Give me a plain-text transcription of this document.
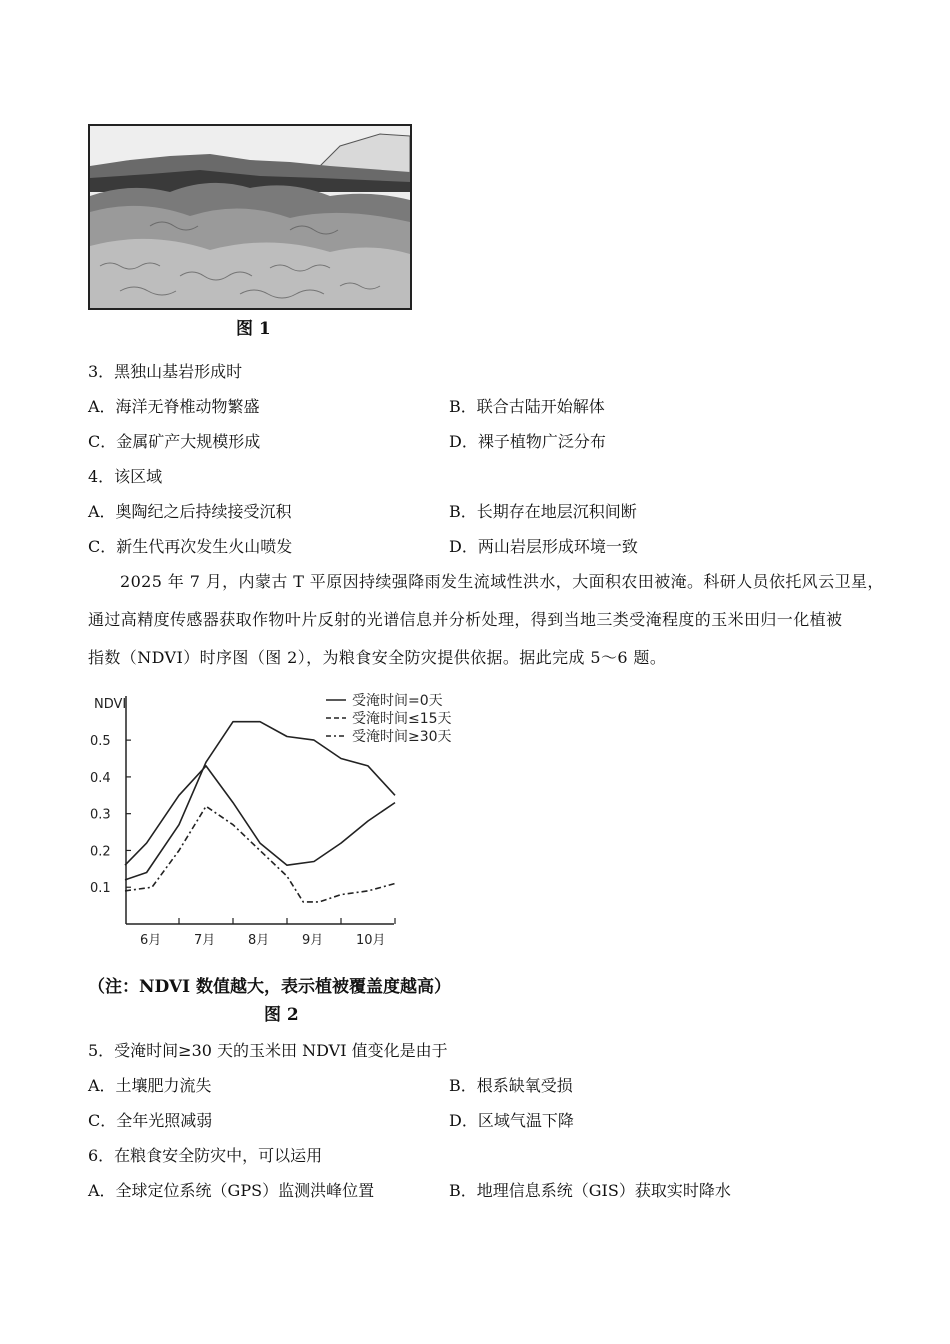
图 1
3．黑独山基岩形成时
A．海洋无脊椎动物繁盛	B．联合古陆开始解体
C．金属矿产大规模形成	D．裸子植物广泛分布
4．该区域
A．奥陶纪之后持续接受沉积	B．长期存在地层沉积间断
C．新生代再次发生火山喷发	D．两山岩层形成环境一致
2025 年 7 月，内蒙古 T 平原因持续强降雨发生流域性洪水，大面积农田被淹。科研人员依托风云卫星，
通过高精度传感器获取作物叶片反射的光谱信息并分析处理，得到当地三类受淹程度的玉米田归一化植被
指数（NDVI）时序图（图 2），为粮食安全防灾提供依据。据此完成 5～6 题。
0.1
0.2
0.3
0.4
0.5
6月	7月	8月	9月	10月
受淹时间=0天
受淹时间≤15天
受淹时间≥30天
NDVI
（注：NDVI 数值越大，表示植被覆盖度越高）
图 2
5．受淹时间≥30 天的玉米田 NDVI 值变化是由于
A．土壤肥力流失	B．根系缺氧受损
C．全年光照减弱	D．区域气温下降
6．在粮食安全防灾中，可以运用
A．全球定位系统（GPS）监测洪峰位置	B．地理信息系统（GIS）获取实时降水
